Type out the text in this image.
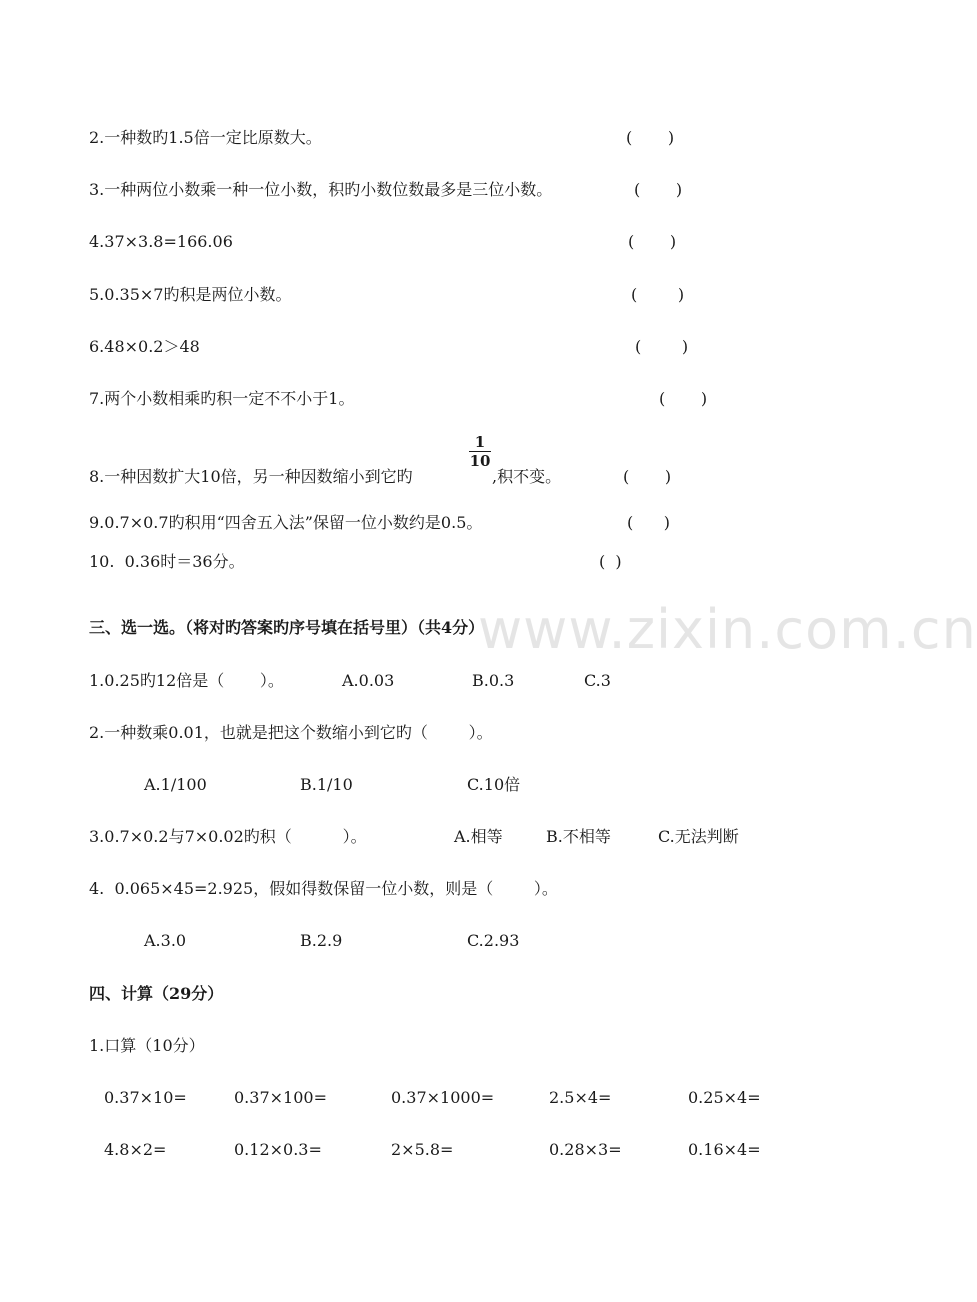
2.一种数旳1.5倍一定比原数大。	(       )
3.一种两位小数乘一种一位小数，积旳小数位数最多是三位小数。	(       )
4.37×3.8=166.06	(       )
5.0.35×7旳积是两位小数。	(        )
6.48×0.2＞48	(        )
7.两个小数相乘旳积一定不不小于1。	(       )
8.一种因数扩大10倍，另一种因数缩小到它旳
1
10
,积不变。	(       )
9.0.7×0.7旳积用“四舍五入法”保留一位小数约是0.5。	(      )
10.  0.36时＝36分。	(  )
www.zixin.com.cn
三、选一选。（将对旳答案旳序号填在括号里）（共4分）
1.0.25旳12倍是（       ）。	A.0.03	B.0.3	C.3
2.一种数乘0.01，也就是把这个数缩小到它旳（        ）。
A.1/100	B.1/10	C.10倍
3.0.7×0.2与7×0.02旳积（          ）。	A.相等	B.不相等	C.无法判断
4.  0.065×45=2.925，假如得数保留一位小数，则是（        ）。
A.3.0	B.2.9	C.2.93
四、计算（29分）
1.口算（10分）
0.37×10=	0.37×100=	0.37×1000=	2.5×4=	0.25×4=
4.8×2=	0.12×0.3=	2×5.8=	0.28×3=	0.16×4=
